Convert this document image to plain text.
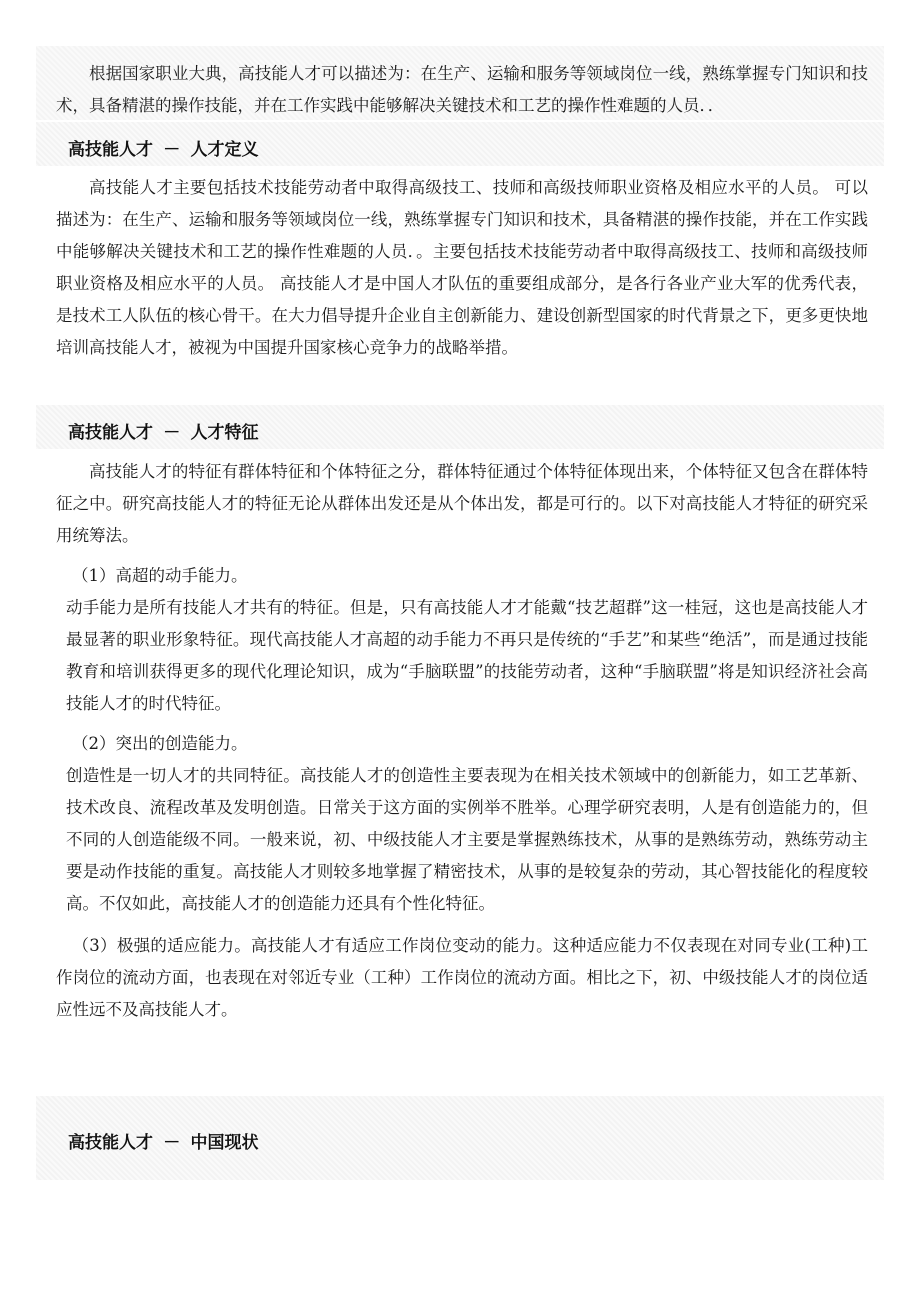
根据国家职业大典，高技能人才可以描述为：在生产、运输和服务等领域岗位一线，熟练掌握专门知识和技术，具备精湛的操作技能，并在工作实践中能够解决关键技术和工艺的操作性难题的人员．．

高技能人才 － 人才定义

高技能人才主要包括技术技能劳动者中取得高级技工、技师和高级技师职业资格及相应水平的人员。 可以描述为：在生产、运输和服务等领域岗位一线，熟练掌握专门知识和技术，具备精湛的操作技能，并在工作实践中能够解决关键技术和工艺的操作性难题的人员．。主要包括技术技能劳动者中取得高级技工、技师和高级技师职业资格及相应水平的人员。 高技能人才是中国人才队伍的重要组成部分，是各行各业产业大军的优秀代表，是技术工人队伍的核心骨干。在大力倡导提升企业自主创新能力、建设创新型国家的时代背景之下，更多更快地培训高技能人才，被视为中国提升国家核心竞争力的战略举措。

高技能人才 － 人才特征

高技能人才的特征有群体特征和个体特征之分，群体特征通过个体特征体现出来，个体特征又包含在群体特征之中。研究高技能人才的特征无论从群体出发还是从个体出发，都是可行的。以下对高技能人才特征的研究采用统筹法。

（1）高超的动手能力。

动手能力是所有技能人才共有的特征。但是，只有高技能人才才能戴“技艺超群”这一桂冠，这也是高技能人才最显著的职业形象特征。现代高技能人才高超的动手能力不再只是传统的“手艺”和某些“绝活”，而是通过技能教育和培训获得更多的现代化理论知识，成为“手脑联盟”的技能劳动者，这种“手脑联盟”将是知识经济社会高技能人才的时代特征。

（2）突出的创造能力。

创造性是一切人才的共同特征。高技能人才的创造性主要表现为在相关技术领域中的创新能力，如工艺革新、技术改良、流程改革及发明创造。日常关于这方面的实例举不胜举。心理学研究表明，人是有创造能力的，但不同的人创造能级不同。一般来说，初、中级技能人才主要是掌握熟练技术，从事的是熟练劳动，熟练劳动主要是动作技能的重复。高技能人才则较多地掌握了精密技术，从事的是较复杂的劳动，其心智技能化的程度较高。不仅如此，高技能人才的创造能力还具有个性化特征。

（3）极强的适应能力。高技能人才有适应工作岗位变动的能力。这种适应能力不仅表现在对同专业(工种)工作岗位的流动方面，也表现在对邻近专业（工种）工作岗位的流动方面。相比之下，初、中级技能人才的岗位适应性远不及高技能人才。

高技能人才 － 中国现状
